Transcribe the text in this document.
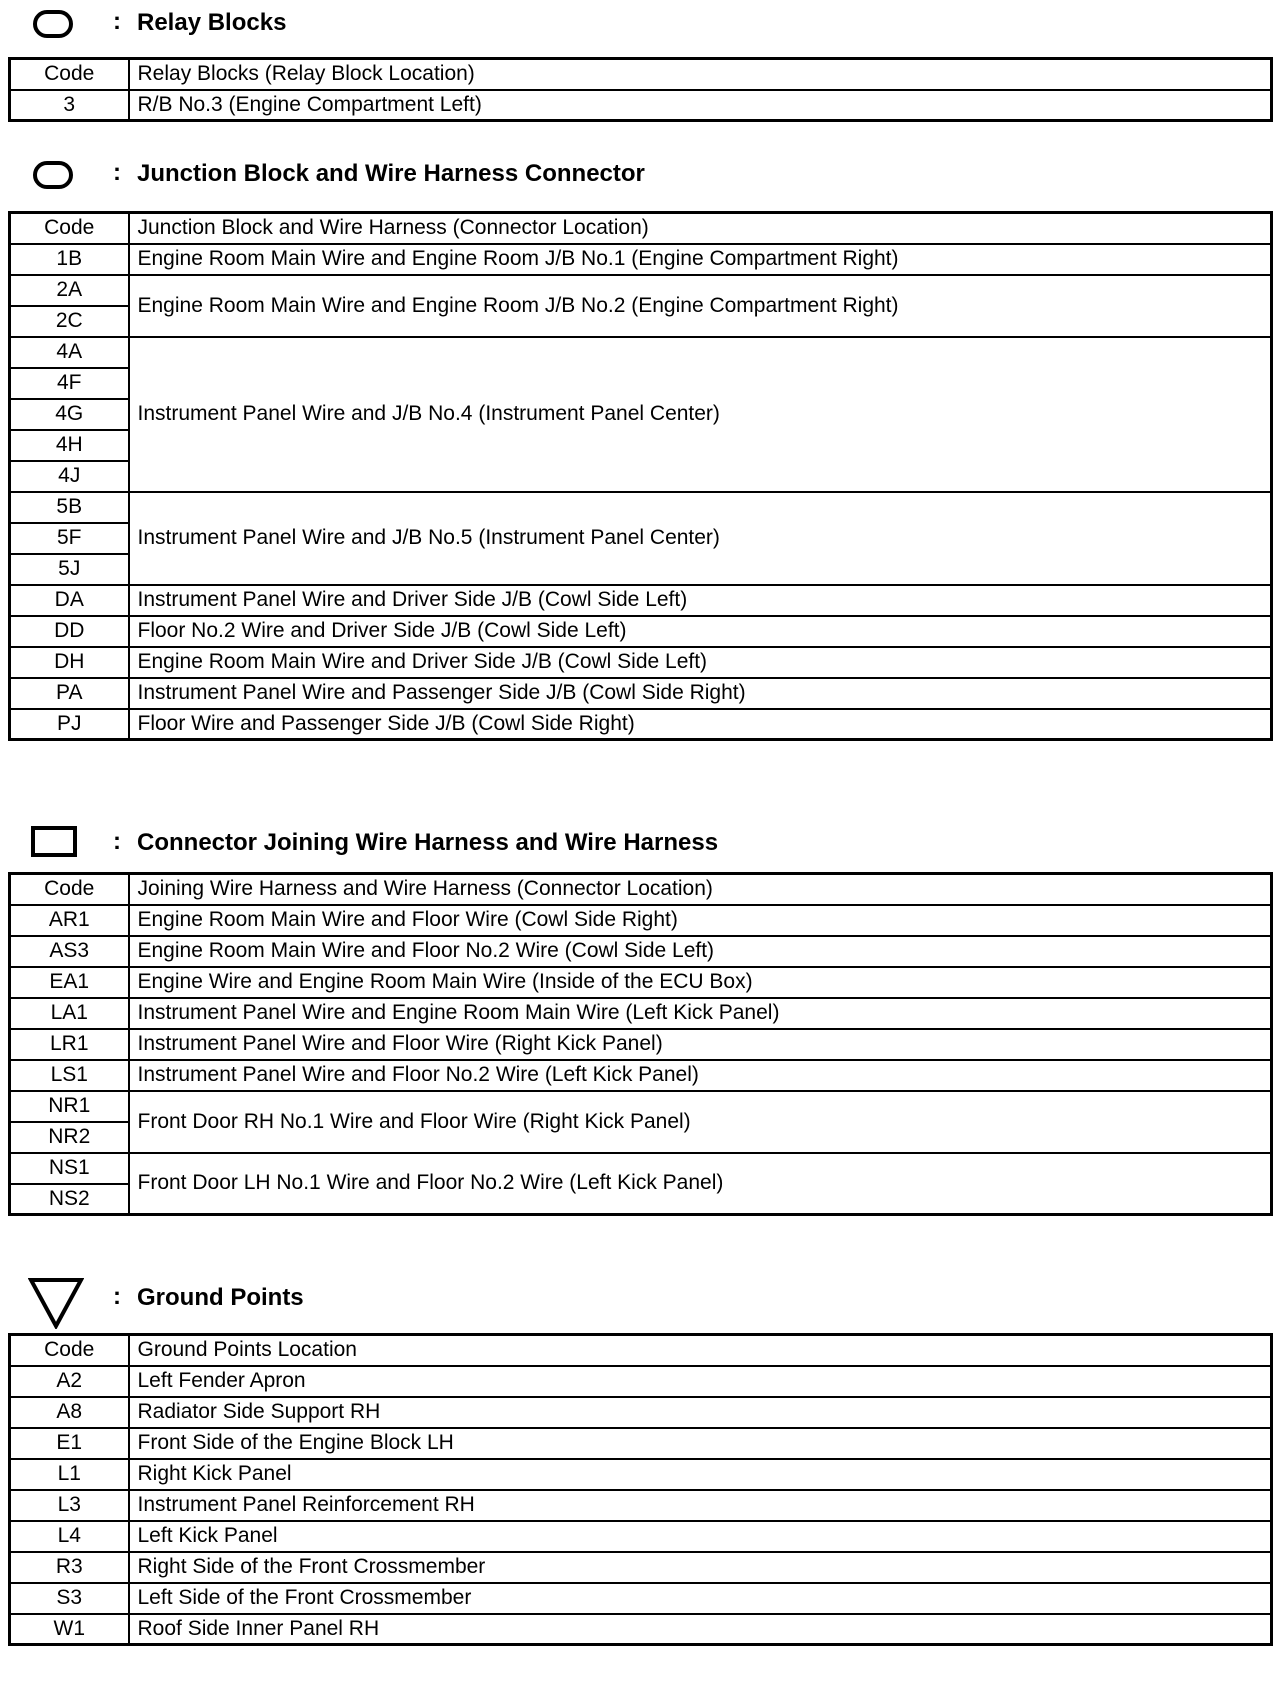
: Relay Blocks
Code	Relay Blocks (Relay Block Location)
3	R/B No.3 (Engine Compartment Left)
: Junction Block and Wire Harness Connector
Code	Junction Block and Wire Harness (Connector Location)
1B	Engine Room Main Wire and Engine Room J/B No.1 (Engine Compartment Right)
2A	Engine Room Main Wire and Engine Room J/B No.2 (Engine Compartment Right)
2C	
4A	Instrument Panel Wire and J/B No.4 (Instrument Panel Center)
4F	
4G	
4H	
4J	
5B	Instrument Panel Wire and J/B No.5 (Instrument Panel Center)
5F	
5J	
DA	Instrument Panel Wire and Driver Side J/B (Cowl Side Left)
DD	Floor No.2 Wire and Driver Side J/B (Cowl Side Left)
DH	Engine Room Main Wire and Driver Side J/B (Cowl Side Left)
PA	Instrument Panel Wire and Passenger Side J/B (Cowl Side Right)
PJ	Floor Wire and Passenger Side J/B (Cowl Side Right)
: Connector Joining Wire Harness and Wire Harness
Code	Joining Wire Harness and Wire Harness (Connector Location)
AR1	Engine Room Main Wire and Floor Wire (Cowl Side Right)
AS3	Engine Room Main Wire and Floor No.2 Wire (Cowl Side Left)
EA1	Engine Wire and Engine Room Main Wire (Inside of the ECU Box)
LA1	Instrument Panel Wire and Engine Room Main Wire (Left Kick Panel)
LR1	Instrument Panel Wire and Floor Wire (Right Kick Panel)
LS1	Instrument Panel Wire and Floor No.2 Wire (Left Kick Panel)
NR1	Front Door RH No.1 Wire and Floor Wire (Right Kick Panel)
NR2	
NS1	Front Door LH No.1 Wire and Floor No.2 Wire (Left Kick Panel)
NS2	
: Ground Points
Code	Ground Points Location
A2	Left Fender Apron
A8	Radiator Side Support RH
E1	Front Side of the Engine Block LH
L1	Right Kick Panel
L3	Instrument Panel Reinforcement RH
L4	Left Kick Panel
R3	Right Side of the Front Crossmember
S3	Left Side of the Front Crossmember
W1	Roof Side Inner Panel RH
